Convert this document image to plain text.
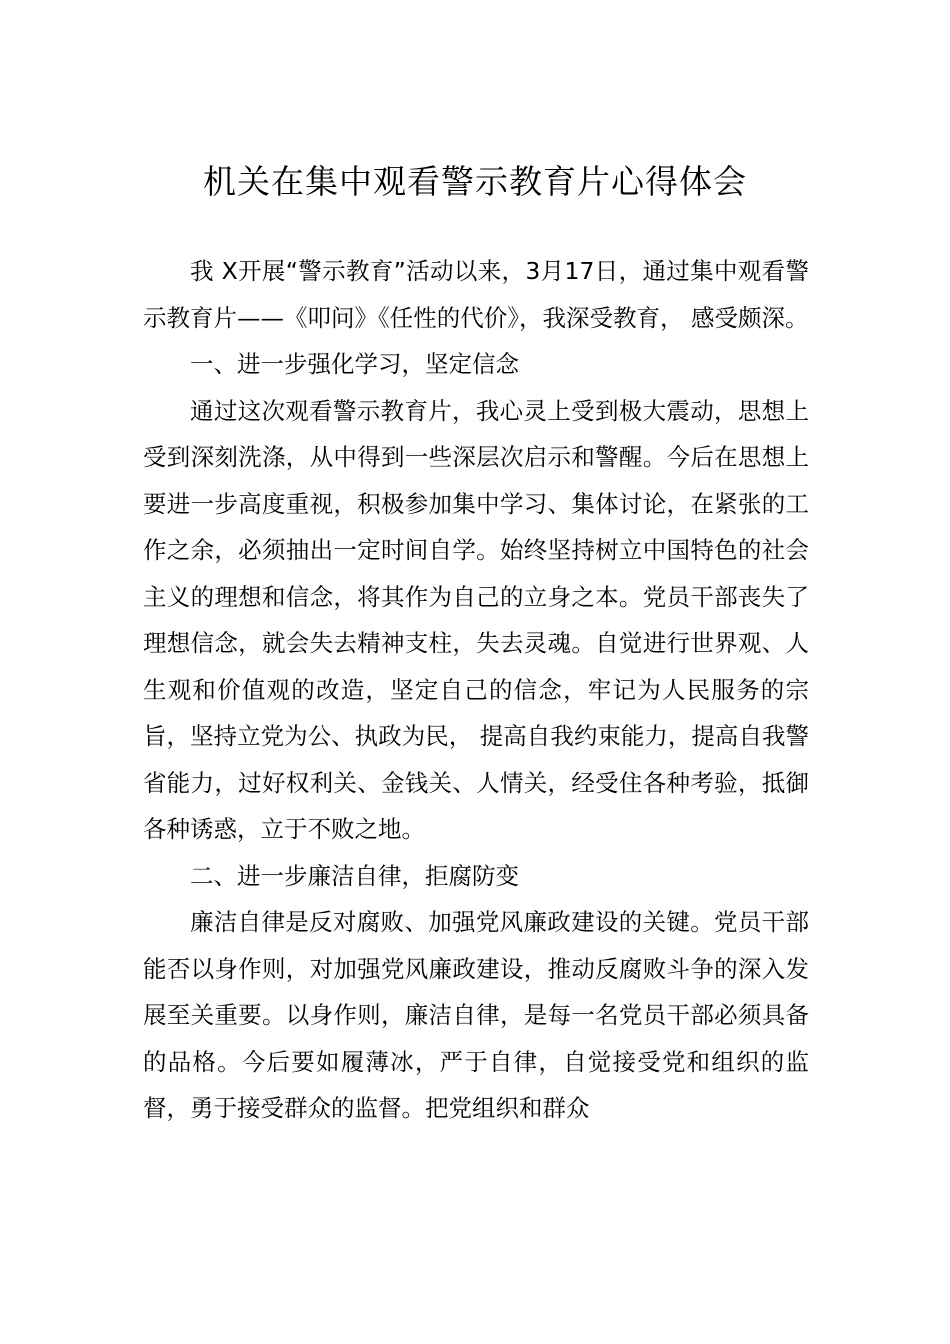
机关在集中观看警示教育片心得体会

我 X开展“警示教育”活动以来，3月17日，通过集中观看警示教育片——《叩问》《任性的代价》，我深受教育， 感受颇深。

一、进一步强化学习，坚定信念

通过这次观看警示教育片，我心灵上受到极大震动，思想上受到深刻洗涤，从中得到一些深层次启示和警醒。今后在思想上要进一步高度重视，积极参加集中学习、集体讨论，在紧张的工作之余，必须抽出一定时间自学。始终坚持树立中国特色的社会主义的理想和信念，将其作为自己的立身之本。党员干部丧失了理想信念，就会失去精神支柱，失去灵魂。自觉进行世界观、人生观和价值观的改造，坚定自己的信念，牢记为人民服务的宗旨，坚持立党为公、执政为民， 提高自我约束能力，提高自我警省能力，过好权利关、金钱关、人情关，经受住各种考验，抵御各种诱惑，立于不败之地。

二、进一步廉洁自律，拒腐防变

廉洁自律是反对腐败、加强党风廉政建设的关键。党员干部能否以身作则，对加强党风廉政建设，推动反腐败斗争的深入发展至关重要。以身作则，廉洁自律，是每一名党员干部必须具备的品格。今后要如履薄冰，严于自律，自觉接受党和组织的监督，勇于接受群众的监督。把党组织和群众
